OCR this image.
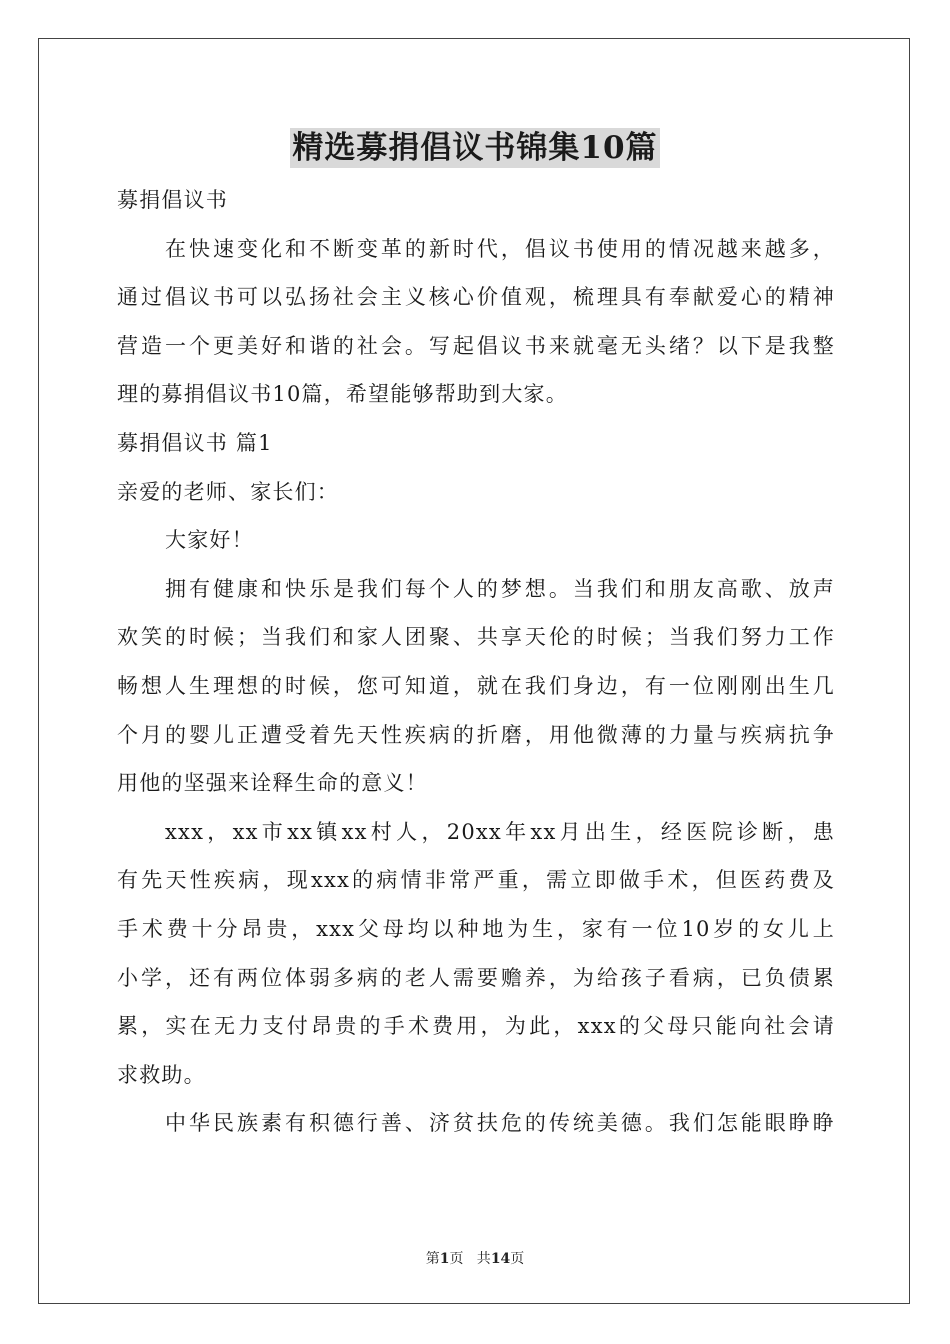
精选募捐倡议书锦集10篇
募捐倡议书
在快速变化和不断变革的新时代，倡议书使用的情况越来越多，
通过倡议书可以弘扬社会主义核心价值观，梳理具有奉献爱心的精神
营造一个更美好和谐的社会。写起倡议书来就毫无头绪？以下是我整
理的募捐倡议书10篇，希望能够帮助到大家。
募捐倡议书 篇1
亲爱的老师、家长们：
大家好！
拥有健康和快乐是我们每个人的梦想。当我们和朋友高歌、放声
欢笑的时候；当我们和家人团聚、共享天伦的时候；当我们努力工作
畅想人生理想的时候，您可知道，就在我们身边，有一位刚刚出生几
个月的婴儿正遭受着先天性疾病的折磨，用他微薄的力量与疾病抗争
用他的坚强来诠释生命的意义！
xxx，xx市xx镇xx村人，20xx年xx月出生，经医院诊断，患
有先天性疾病，现xxx的病情非常严重，需立即做手术，但医药费及
手术费十分昂贵，xxx父母均以种地为生，家有一位10岁的女儿上
小学，还有两位体弱多病的老人需要赡养，为给孩子看病，已负债累
累，实在无力支付昂贵的手术费用，为此，xxx的父母只能向社会请
求救助。
中华民族素有积德行善、济贫扶危的传统美德。我们怎能眼睁睁
第1页   共14页
